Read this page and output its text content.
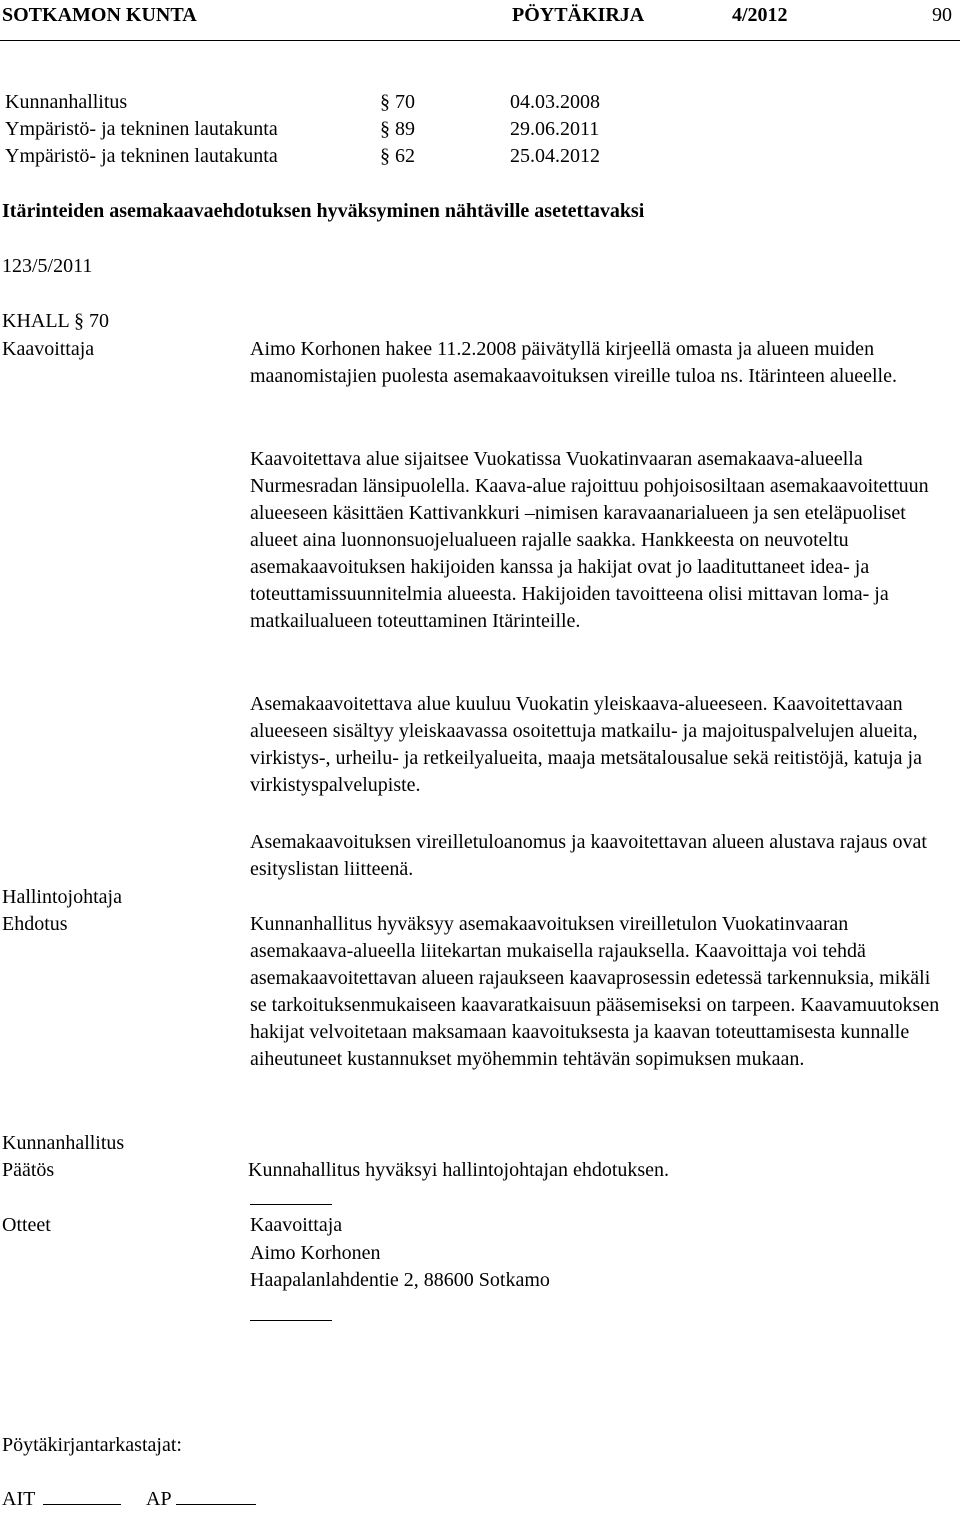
SOTKAMON KUNTA	PÖYTÄKIRJA	4/2012	90
Kunnanhallitus	§ 70	04.03.2008
Ympäristö- ja tekninen lautakunta	§ 89	29.06.2011
Ympäristö- ja tekninen lautakunta	§ 62	25.04.2012
Itärinteiden asemakaavaehdotuksen hyväksyminen nähtäville asetettavaksi
123/5/2011
KHALL § 70
Kaavoittaja	Aimo Korhonen hakee 11.2.2008 päivätyllä kirjeellä omasta ja alueen muiden maanomistajien puolesta asemakaavoituksen vireille tuloa ns. Itärinteen alueelle.

Kaavoitettava alue sijaitsee Vuokatissa Vuokatinvaaran asemakaava-alueella Nurmesradan länsipuolella. Kaava-alue rajoittuu pohjoisosiltaan asemakaavoitettuun alueeseen käsittäen Kattivankkuri –nimisen karavaanarialueen ja sen eteläpuoliset alueet aina luonnonsuojelualueen rajalle saakka. Hankkeesta on neuvoteltu asemakaavoituksen hakijoiden kanssa ja hakijat ovat jo laadituttaneet idea- ja toteuttamissuunnitelmia alueesta. Hakijoiden tavoitteena olisi mittavan loma- ja matkailualueen toteuttaminen Itärinteille.

Asemakaavoitettava alue kuuluu Vuokatin yleiskaava-alueeseen. Kaavoitettavaan alueeseen sisältyy yleiskaavassa osoitettuja matkailu- ja majoituspalvelujen alueita, virkistys-, urheilu- ja retkeilyalueita, maaja metsätalousalue sekä reitistöjä, katuja ja virkistyspalvelupiste.

Asemakaavoituksen vireilletuloanomus ja kaavoitettavan alueen alustava rajaus ovat esityslistan liitteenä.

Hallintojohtaja
Ehdotus	Kunnanhallitus hyväksyy asemakaavoituksen vireilletulon Vuokatinvaaran asemakaava-alueella liitekartan mukaisella rajauksella. Kaavoittaja voi tehdä asemakaavoitettavan alueen rajaukseen kaavaprosessin edetessä tarkennuksia, mikäli se tarkoituksenmukaiseen kaavaratkaisuun pääsemiseksi on tarpeen. Kaavamuutoksen hakijat velvoitetaan maksamaan kaavoituksesta ja kaavan toteuttamisesta kunnalle aiheutuneet kustannukset myöhemmin tehtävän sopimuksen mukaan.

Kunnanhallitus
Päätös	Kunnahallitus hyväksyi hallintojohtajan ehdotuksen.
Otteet	Kaavoittaja
Aimo Korhonen
Haapalanlahdentie 2, 88600 Sotkamo
Pöytäkirjantarkastajat:
AIT	AP
